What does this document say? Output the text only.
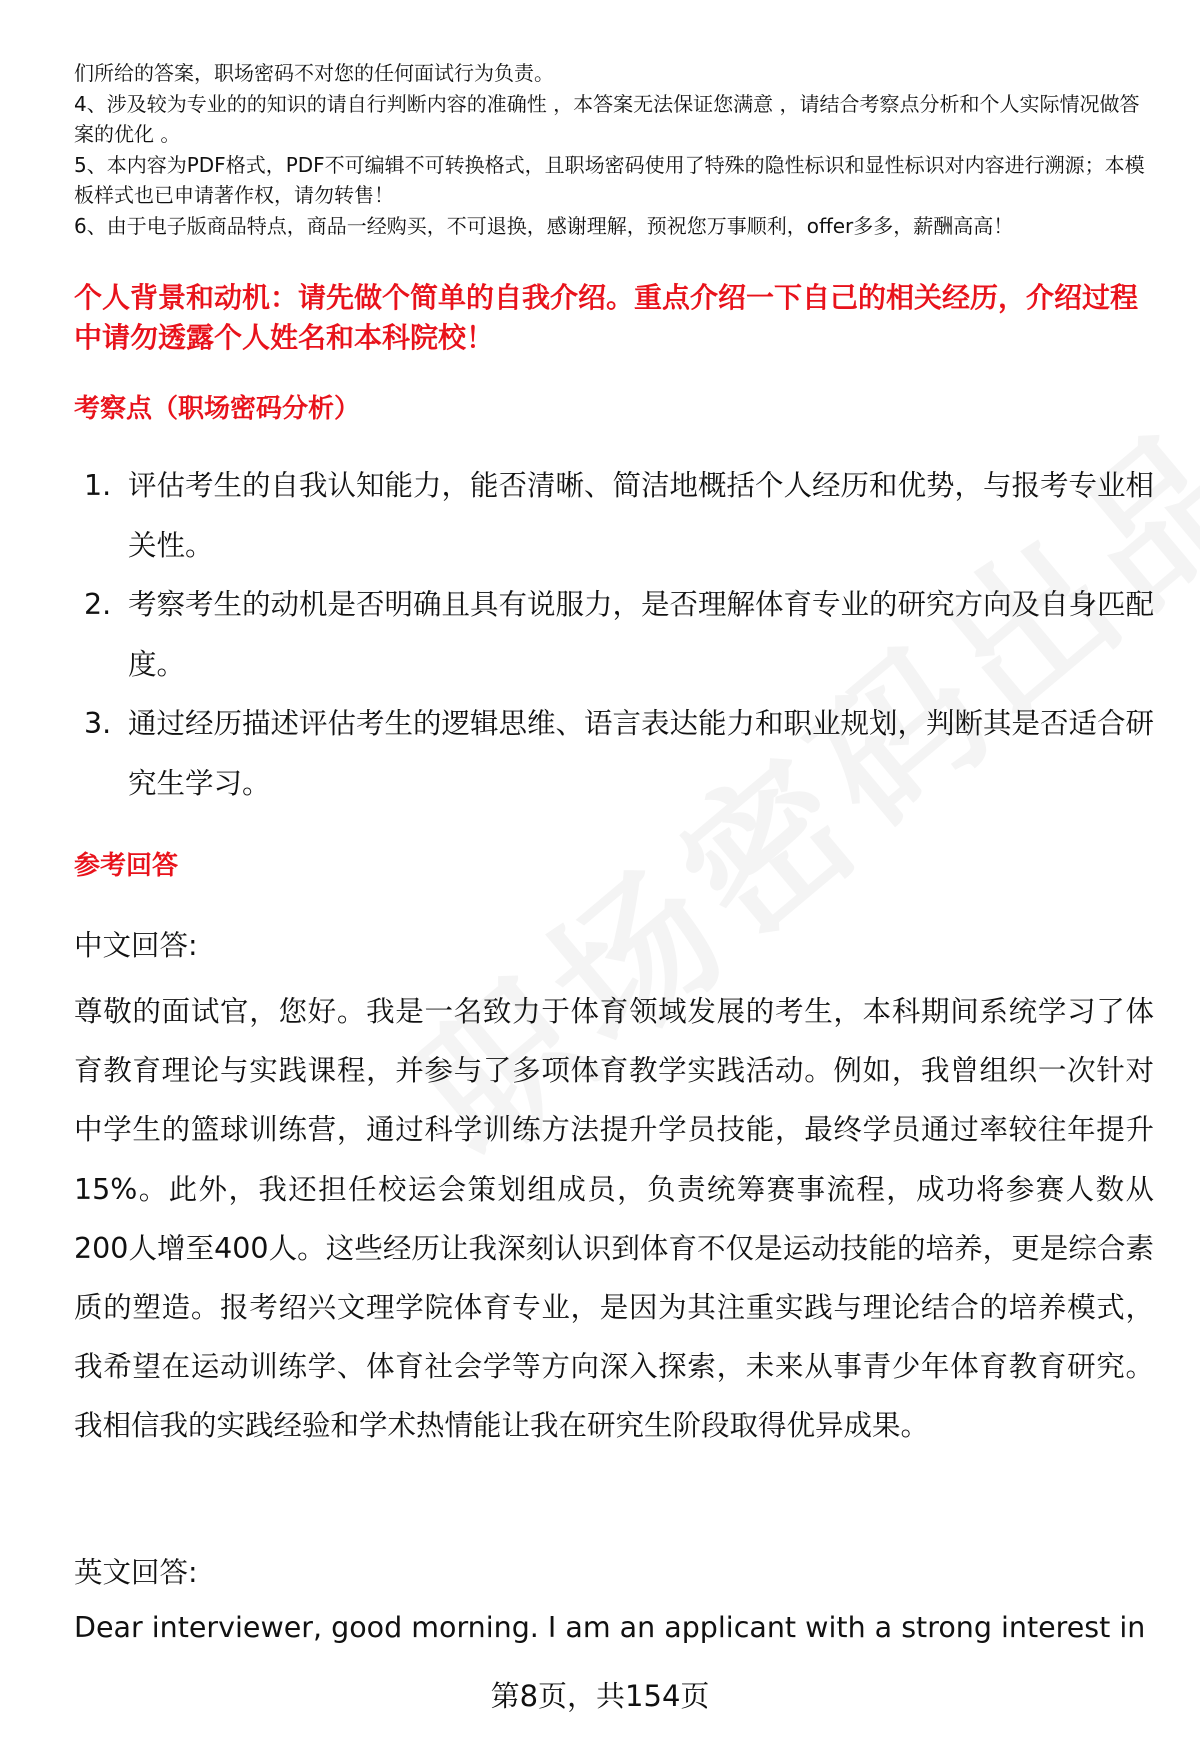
们所给的答案，职场密码不对您的任何面试行为负责。

4、涉及较为专业的的知识的请自行判断内容的准确性 ，本答案无法保证您满意 ，请结合考察点分析和个人实际情况做答案的优化 。

5、本内容为PDF格式，PDF不可编辑不可转换格式，且职场密码使用了特殊的隐性标识和显性标识对内容进行溯源；本模板样式也已申请著作权，请勿转售！

6、由于电子版商品特点，商品一经购买，不可退换，感谢理解，预祝您万事顺利，offer多多，薪酬高高！

个人背景和动机：请先做个简单的自我介绍。重点介绍一下自己的相关经历，介绍过程中请勿透露个人姓名和本科院校！
考察点（职场密码分析）
1. 评估考生的自我认知能力，能否清晰、简洁地概括个人经历和优势，与报考专业相关性。
2. 考察考生的动机是否明确且具有说服力，是否理解体育专业的研究方向及自身匹配度。
3. 通过经历描述评估考生的逻辑思维、语言表达能力和职业规划，判断其是否适合研究生学习。
参考回答

中文回答:

尊敬的面试官，您好。我是一名致力于体育领域发展的考生，本科期间系统学习了体育教育理论与实践课程，并参与了多项体育教学实践活动。例如，我曾组织一次针对中学生的篮球训练营，通过科学训练方法提升学员技能，最终学员通过率较往年提升15%。此外，我还担任校运会策划组成员，负责统筹赛事流程，成功将参赛人数从200人增至400人。这些经历让我深刻认识到体育不仅是运动技能的培养，更是综合素质的塑造。报考绍兴文理学院体育专业，是因为其注重实践与理论结合的培养模式，我希望在运动训练学、体育社会学等方向深入探索，未来从事青少年体育教育研究。我相信我的实践经验和学术热情能让我在研究生阶段取得优异成果。

英文回答:

Dear interviewer, good morning. I am an applicant with a strong interest in

第8页，共154页
